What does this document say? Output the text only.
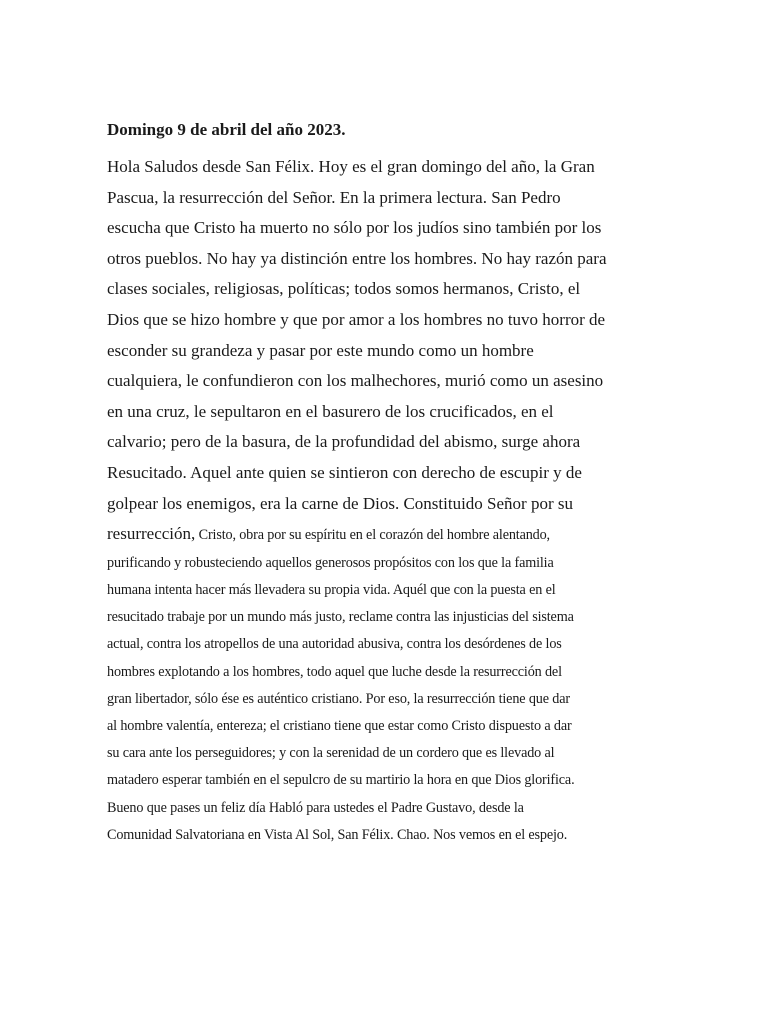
Domingo 9 de abril del año 2023.
Hola Saludos desde San Félix. Hoy es el gran domingo del año, la Gran
Pascua, la resurrección del Señor. En la primera lectura. San Pedro
escucha que Cristo ha muerto no sólo por los judíos sino también por los
otros pueblos. No hay ya distinción entre los hombres. No hay razón para
clases sociales, religiosas, políticas; todos somos hermanos, Cristo, el
Dios que se hizo hombre y que por amor a los hombres no tuvo horror de
esconder su grandeza y pasar por este mundo como un hombre
cualquiera, le confundieron con los malhechores, murió como un asesino
en una cruz, le sepultaron en el basurero de los crucificados, en el
calvario; pero de la basura, de la profundidad del abismo, surge ahora
Resucitado. Aquel ante quien se sintieron con derecho de escupir y de
golpear los enemigos, era la carne de Dios. Constituido Señor por su
resurrección, Cristo, obra por su espíritu en el corazón del hombre alentando,
purificando y robusteciendo aquellos generosos propósitos con los que la familia
humana intenta hacer más llevadera su propia vida. Aquél que con la puesta en el
resucitado trabaje por un mundo más justo, reclame contra las injusticias del sistema
actual, contra los atropellos de una autoridad abusiva, contra los desórdenes de los
hombres explotando a los hombres, todo aquel que luche desde la resurrección del
gran libertador, sólo ése es auténtico cristiano. Por eso, la resurrección tiene que dar
al hombre valentía, entereza; el cristiano tiene que estar como Cristo dispuesto a dar
su cara ante los perseguidores; y con la serenidad de un cordero que es llevado al
matadero esperar también en el sepulcro de su martirio la hora en que Dios glorifica.
Bueno que pases un feliz día Habló para ustedes el Padre Gustavo, desde la
Comunidad Salvatoriana en Vista Al Sol, San Félix. Chao. Nos vemos en el espejo.
